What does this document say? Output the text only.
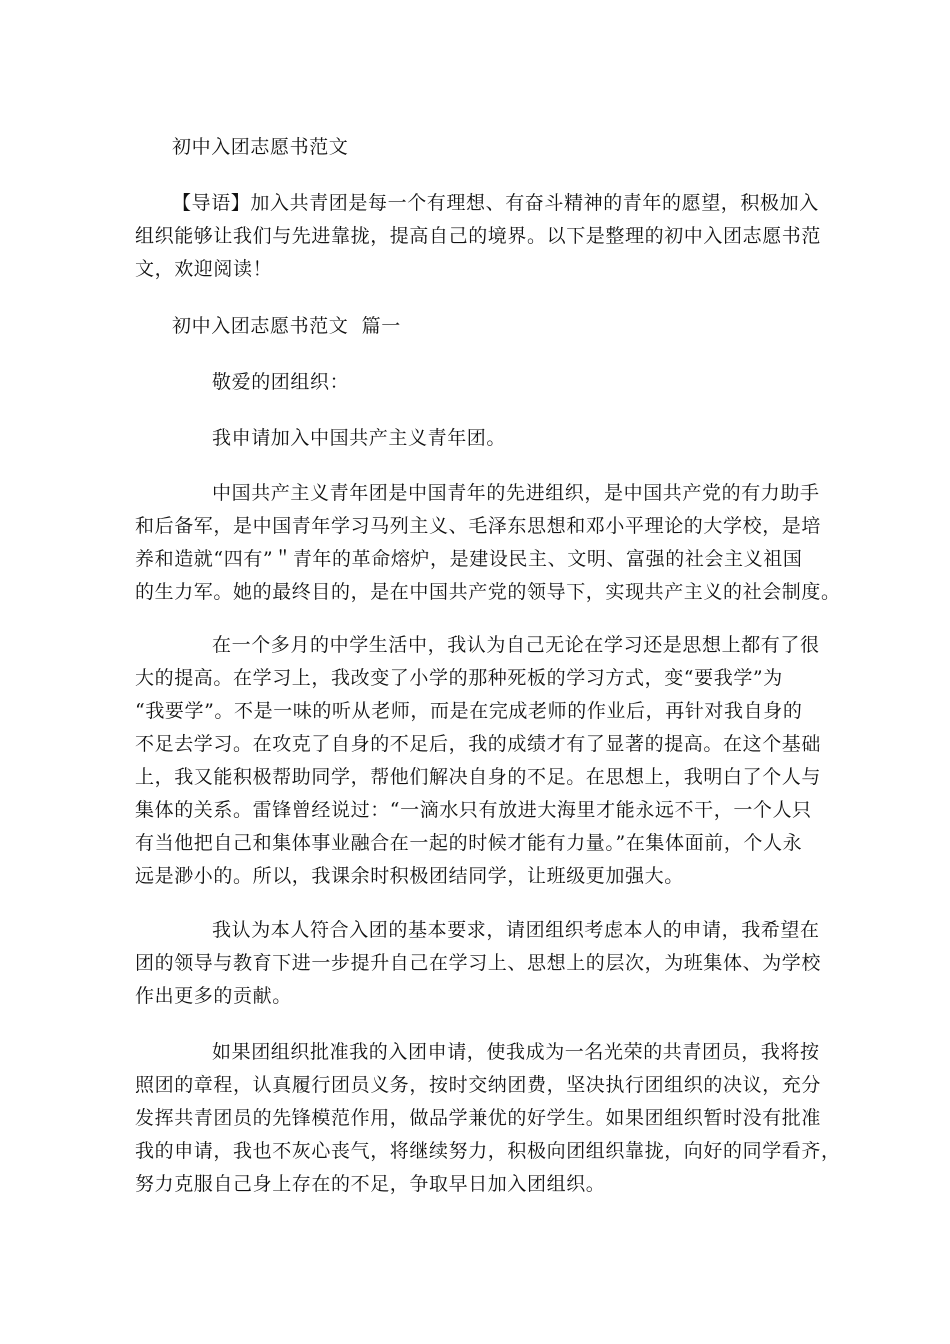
初中入团志愿书范文
【导语】加入共青团是每一个有理想、有奋斗精神的青年的愿望，积极加入
组织能够让我们与先进靠拢，提高自己的境界。以下是整理的初中入团志愿书范
文，欢迎阅读！
初中入团志愿书范文  篇一
敬爱的团组织：
我申请加入中国共产主义青年团。
中国共产主义青年团是中国青年的先进组织，是中国共产党的有力助手
和后备军，是中国青年学习马列主义、毛泽东思想和邓小平理论的大学校，是培
养和造就“四有”＂青年的革命熔炉，是建设民主、文明、富强的社会主义祖国
的生力军。她的最终目的，是在中国共产党的领导下，实现共产主义的社会制度。
在一个多月的中学生活中，我认为自己无论在学习还是思想上都有了很
大的提高。在学习上，我改变了小学的那种死板的学习方式，变“要我学”为
“我要学”。不是一味的听从老师，而是在完成老师的作业后，再针对我自身的
不足去学习。在攻克了自身的不足后，我的成绩才有了显著的提高。在这个基础
上，我又能积极帮助同学，帮他们解决自身的不足。在思想上，我明白了个人与
集体的关系。雷锋曾经说过：“一滴水只有放进大海里才能永远不干，一个人只
有当他把自己和集体事业融合在一起的时候才能有力量。”在集体面前，个人永
远是渺小的。所以，我课余时积极团结同学，让班级更加强大。
我认为本人符合入团的基本要求，请团组织考虑本人的申请，我希望在
团的领导与教育下进一步提升自己在学习上、思想上的层次，为班集体、为学校
作出更多的贡献。
如果团组织批准我的入团申请，使我成为一名光荣的共青团员，我将按
照团的章程，认真履行团员义务，按时交纳团费，坚决执行团组织的决议，充分
发挥共青团员的先锋模范作用，做品学兼优的好学生。如果团组织暂时没有批准
我的申请，我也不灰心丧气，将继续努力，积极向团组织靠拢，向好的同学看齐，
努力克服自己身上存在的不足，争取早日加入团组织。
